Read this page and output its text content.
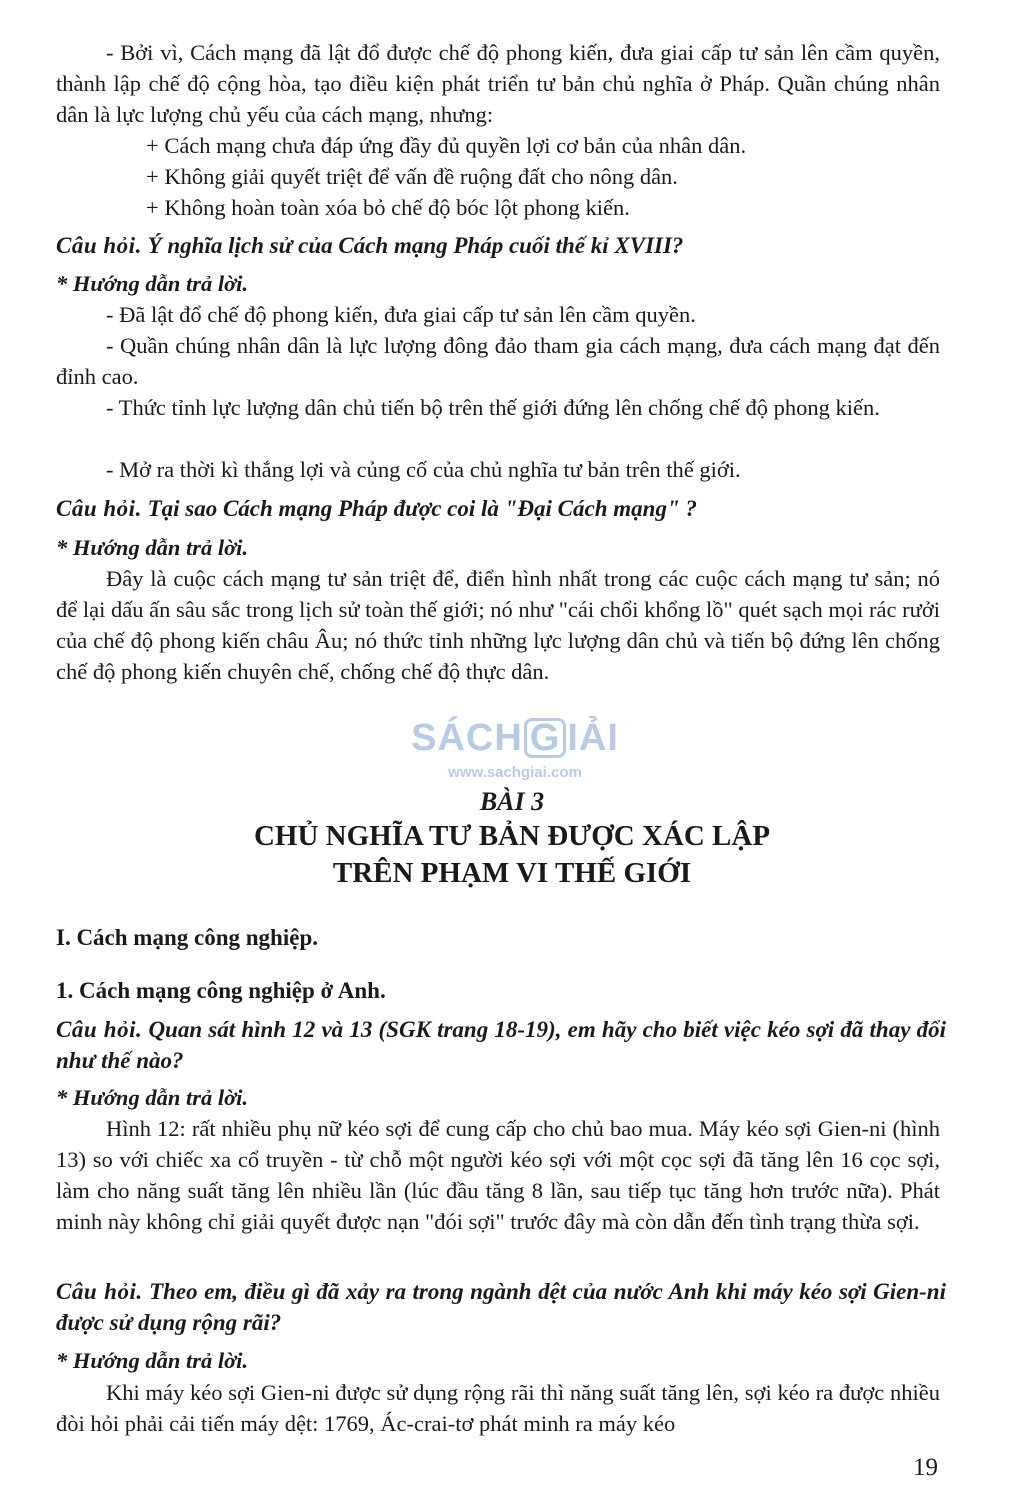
- Bởi vì, Cách mạng đã lật đổ được chế độ phong kiến, đưa giai cấp tư sản lên cầm quyền, thành lập chế độ cộng hòa, tạo điều kiện phát triển tư bản chủ nghĩa ở Pháp. Quần chúng nhân dân là lực lượng chủ yếu của cách mạng, nhưng:

+ Cách mạng chưa đáp ứng đầy đủ quyền lợi cơ bản của nhân dân.

+ Không giải quyết triệt để vấn đề ruộng đất cho nông dân.

+ Không hoàn toàn xóa bỏ chế độ bóc lột phong kiến.

Câu hỏi. Ý nghĩa lịch sử của Cách mạng Pháp cuối thế kỉ XVIII?

* Hướng dẫn trả lời.

- Đã lật đổ chế độ phong kiến, đưa giai cấp tư sản lên cầm quyền.

- Quần chúng nhân dân là lực lượng đông đảo tham gia cách mạng, đưa cách mạng đạt đến đỉnh cao.

- Thức tỉnh lực lượng dân chủ tiến bộ trên thế giới đứng lên chống chế độ phong kiến.

- Mở ra thời kì thắng lợi và củng cố của chủ nghĩa tư bản trên thế giới.

Câu hỏi. Tại sao Cách mạng Pháp được coi là "Đại Cách mạng" ?

* Hướng dẫn trả lời.

Đây là cuộc cách mạng tư sản triệt để, điển hình nhất trong các cuộc cách mạng tư sản; nó để lại dấu ấn sâu sắc trong lịch sử toàn thế giới; nó như "cái chổi khổng lồ" quét sạch mọi rác rưởi của chế độ phong kiến châu Âu; nó thức tỉnh những lực lượng dân chủ và tiến bộ đứng lên chống chế độ phong kiến chuyên chế, chống chế độ thực dân.

SÁCH G IẢI
www.sachgiai.com

BÀI 3

CHỦ NGHĨA TƯ BẢN ĐƯỢC XÁC LẬP

TRÊN PHẠM VI THẾ GIỚI

I. Cách mạng công nghiệp.

1. Cách mạng công nghiệp ở Anh.

Câu hỏi. Quan sát hình 12 và 13 (SGK trang 18-19), em hãy cho biết việc kéo sợi đã thay đổi như thế nào?

* Hướng dẫn trả lời.

Hình 12: rất nhiều phụ nữ kéo sợi để cung cấp cho chủ bao mua. Máy kéo sợi Gien-ni (hình 13) so với chiếc xa cổ truyền - từ chỗ một người kéo sợi với một cọc sợi đã tăng lên 16 cọc sợi, làm cho năng suất tăng lên nhiều lần (lúc đầu tăng 8 lần, sau tiếp tục tăng hơn trước nữa). Phát minh này không chỉ giải quyết được nạn "đói sợi" trước đây mà còn dẫn đến tình trạng thừa sợi.

Câu hỏi. Theo em, điều gì đã xảy ra trong ngành dệt của nước Anh khi máy kéo sợi Gien-ni được sử dụng rộng rãi?

* Hướng dẫn trả lời.

Khi máy kéo sợi Gien-ni được sử dụng rộng rãi thì năng suất tăng lên, sợi kéo ra được nhiều đòi hỏi phải cải tiến máy dệt: 1769, Ác-crai-tơ phát minh ra máy kéo

19
